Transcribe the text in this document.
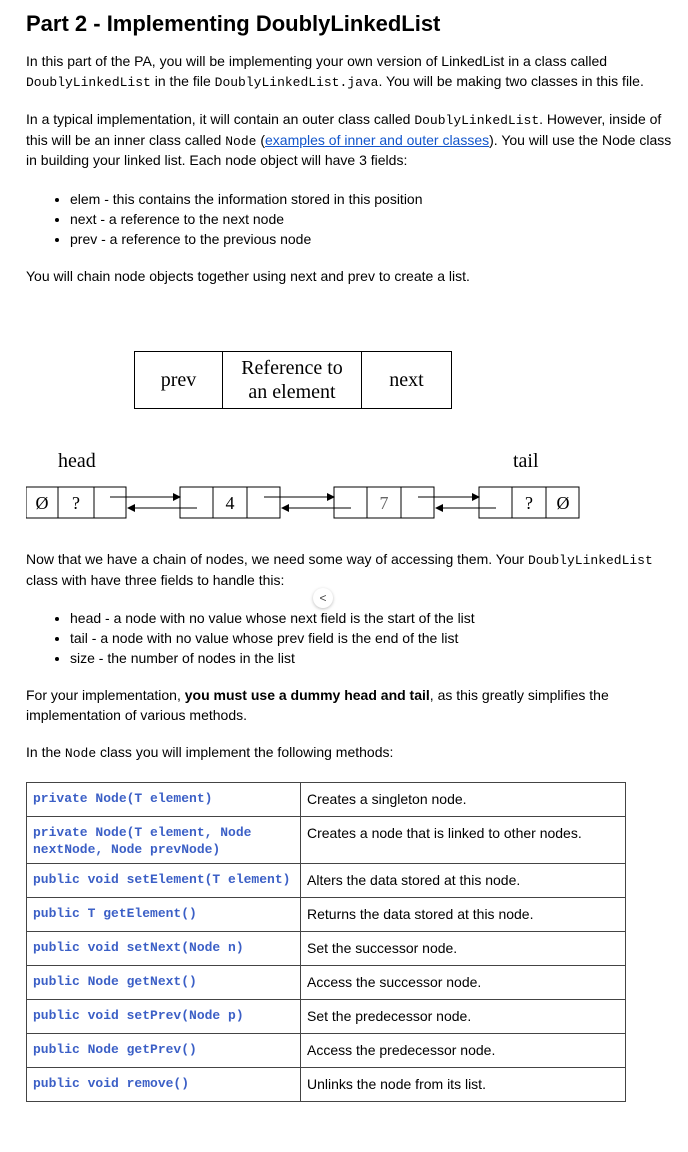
Part 2 - Implementing DoublyLinkedList

In this part of the PA, you will be implementing your own version of LinkedList in a class called DoublyLinkedList in the file DoublyLinkedList.java. You will be making two classes in this file.

In a typical implementation, it will contain an outer class called DoublyLinkedList. However, inside of this will be an inner class called Node (examples of inner and outer classes). You will use the Node class in building your linked list. Each node object will have 3 fields:

• elem - this contains the information stored in this position
• next - a reference to the next node
• prev - a reference to the previous node

You will chain node objects together using next and prev to create a list.

prev
Reference to
an element
next
head	tail
Ø ?	4	7	? Ø
<

Now that we have a chain of nodes, we need some way of accessing them. Your DoublyLinkedList class with have three fields to handle this:

• head - a node with no value whose next field is the start of the list
• tail - a node with no value whose prev field is the end of the list
• size - the number of nodes in the list

For your implementation, you must use a dummy head and tail, as this greatly simplifies the implementation of various methods.

In the Node class you will implement the following methods:

private Node(T element)	Creates a singleton node.
private Node(T element, Node nextNode, Node prevNode)	Creates a node that is linked to other nodes.
public void setElement(T element)	Alters the data stored at this node.
public T getElement()	Returns the data stored at this node.
public void setNext(Node n)	Set the successor node.
public Node getNext()	Access the successor node.
public void setPrev(Node p)	Set the predecessor node.
public Node getPrev()	Access the predecessor node.
public void remove()	Unlinks the node from its list.
